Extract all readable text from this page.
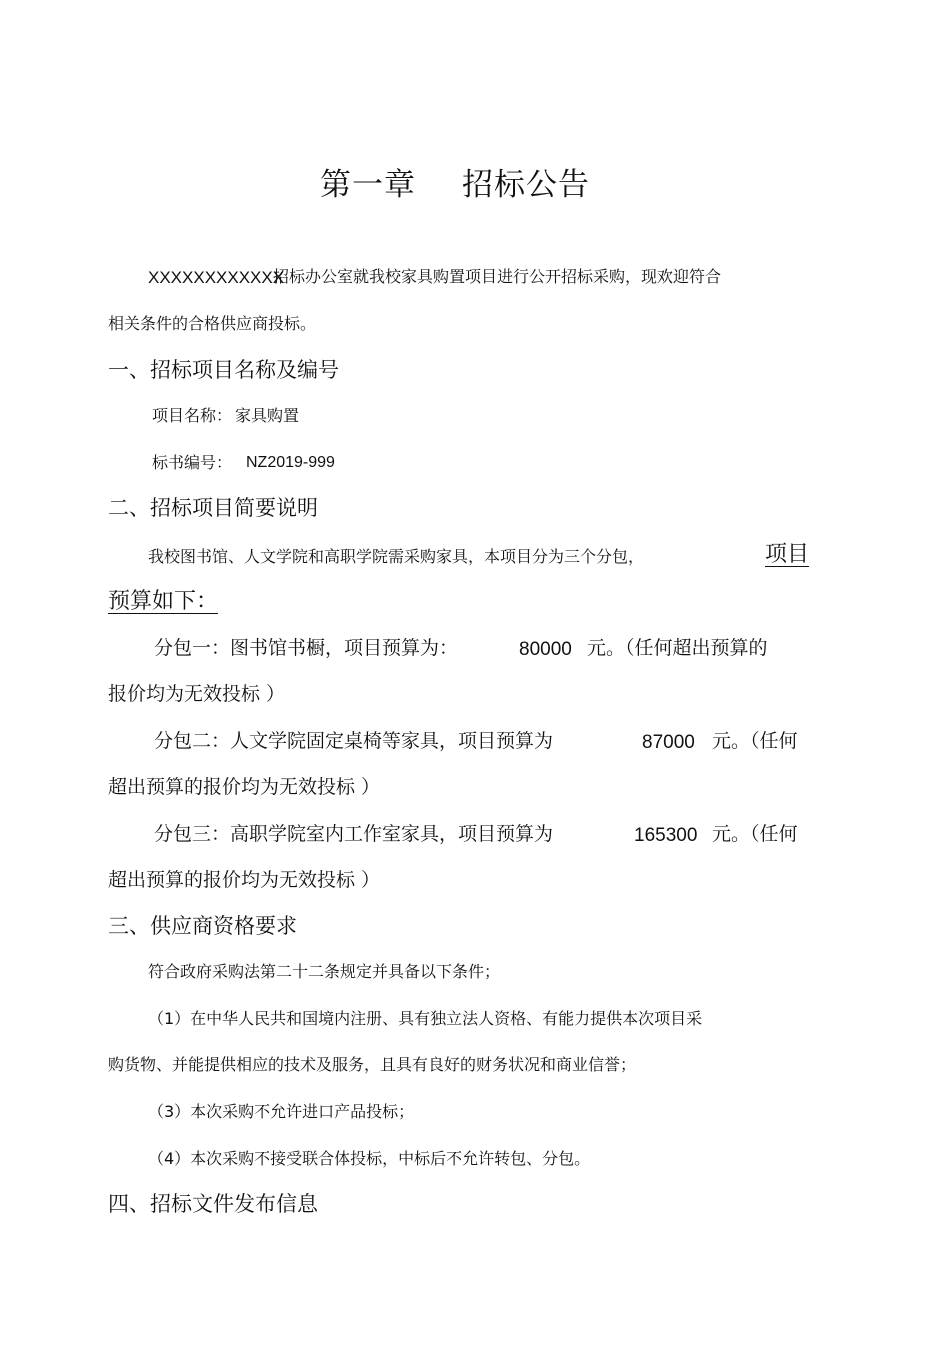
第一章 招标公告
XXXXXXXXXXXX
招标办公室就我校家具购置项目进行公开招标采购，现欢迎符合
相关条件的合格供应商投标。
一、招标项目名称及编号
项目名称： 家具购置
标书编号： NZ2019-999
二、招标项目简要说明
我校图书馆、人文学院和高职学院需采购家具，本项目分为三个分包，	项目
预算如下：
分包一：图书馆书橱，项目预算为：	80000 元。（任何超出预算的
报价均为无效投标 ）
分包二：人文学院固定桌椅等家具，项目预算为	87000 元。（任何
超出预算的报价均为无效投标 ）
分包三：高职学院室内工作室家具，项目预算为	165300 元。（任何
超出预算的报价均为无效投标 ）
三、供应商资格要求
符合政府采购法第二十二条规定并具备以下条件；
（1）在中华人民共和国境内注册、具有独立法人资格、有能力提供本次项目采
购货物、并能提供相应的技术及服务，且具有良好的财务状况和商业信誉；
（3）本次采购不允许进口产品投标；
（4）本次采购不接受联合体投标，中标后不允许转包、分包。
四、招标文件发布信息
